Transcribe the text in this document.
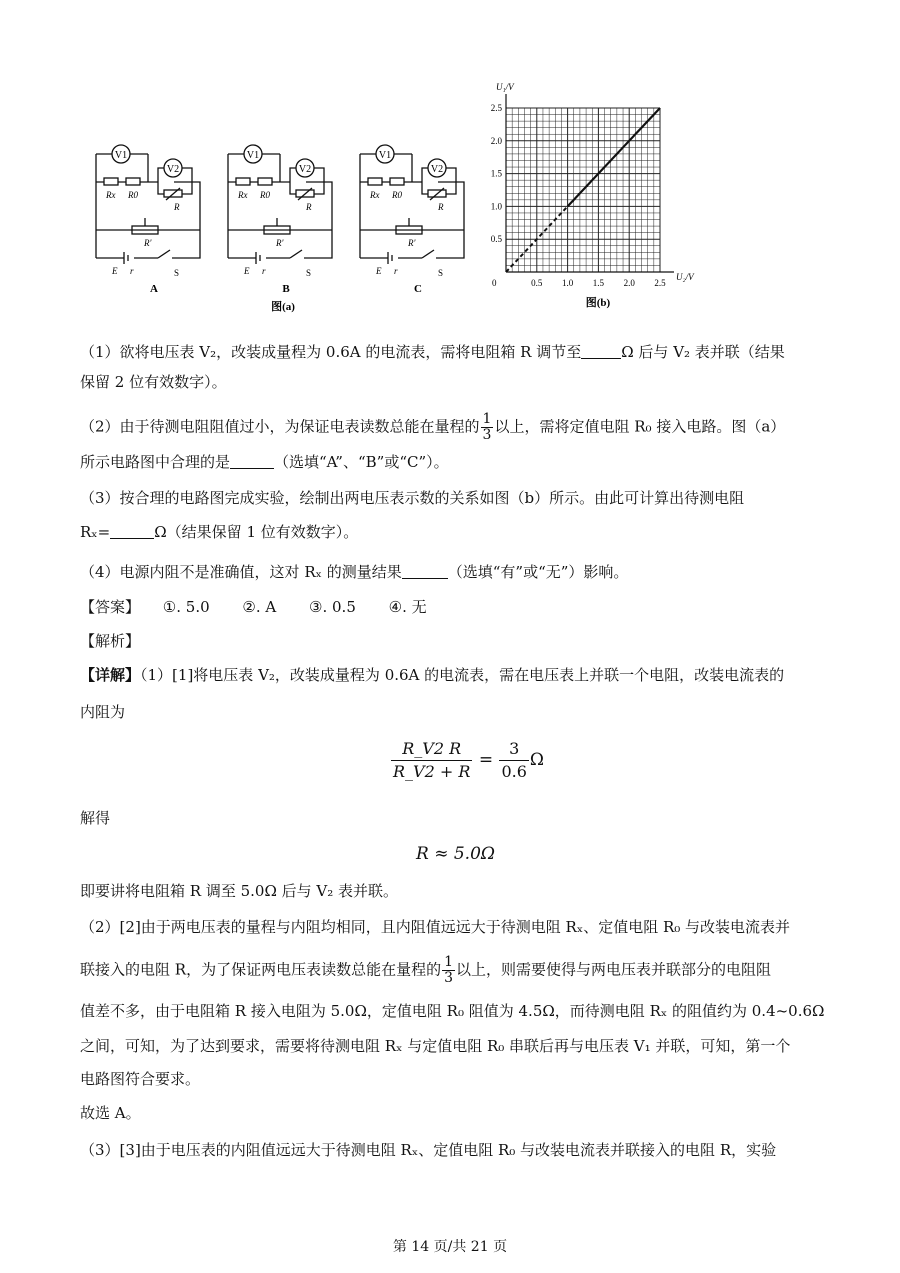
V1
Rx R0
V2
R
R'
E r	S
A
V1
Rx R0
V2
R
R'
E r	S
B
V1
Rx R0
V2
R
R'
E r	S
C
图(a)
0.5 1.0 1.5 2.0 2.5
0.5
1.0
1.5
2.0
2.5
0
U₁/V
U₂/V
图(b)
（1）欲将电压表 V₂，改装成量程为 0.6A 的电流表，需将电阻箱 R 调节至	Ω 后与 V₂ 表并联（结果
保留 2 位有效数字）。
（2）由于待测电阻阻值过小，为保证电表读数总能在量程的 $\frac{1}{3}$ 以上，需将定值电阻 R₀ 接入电路。图（a）
所示电路图中合理的是	（选填“A”、“B”或“C”）。
（3）按合理的电路图完成实验，绘制出两电压表示数的关系如图（b）所示。由此可计算出待测电阻
Rₓ=	Ω（结果保留 1 位有效数字）。
（4）电源内阻不是准确值，这对 Rₓ 的测量结果	（选填“有”或“无”）影响。
【答案】 ①. 5.0 ②. A ③. 0.5 ④. 无
【解析】
【详解】（1）[1]将电压表 V₂，改装成量程为 0.6A 的电流表，需在电压表上并联一个电阻，改装电流表的
内阻为
$\frac{R\_V2 R}{R\_V2 + R} = \frac{3}{0.6}$ Ω
解得
R ≈ 5.0Ω
即要讲将电阻箱 R 调至 5.0Ω 后与 V₂ 表并联。
（2）[2]由于两电压表的量程与内阻均相同，且内阻值远远大于待测电阻 Rₓ、定值电阻 R₀ 与改装电流表并
联接入的电阻 R，为了保证两电压表读数总能在量程的 $\frac{1}{3}$ 以上，则需要使得与两电压表并联部分的电阻阻
值差不多，由于电阻箱 R 接入电阻为 5.0Ω，定值电阻 R₀ 阻值为 4.5Ω，而待测电阻 Rₓ 的阻值约为 0.4~0.6Ω
之间，可知，为了达到要求，需要将待测电阻 Rₓ 与定值电阻 R₀ 串联后再与电压表 V₁ 并联，可知，第一个
电路图符合要求。
故选 A。
（3）[3]由于电压表的内阻值远远大于待测电阻 Rₓ、定值电阻 R₀ 与改装电流表并联接入的电阻 R，实验
第 14 页/共 21 页
